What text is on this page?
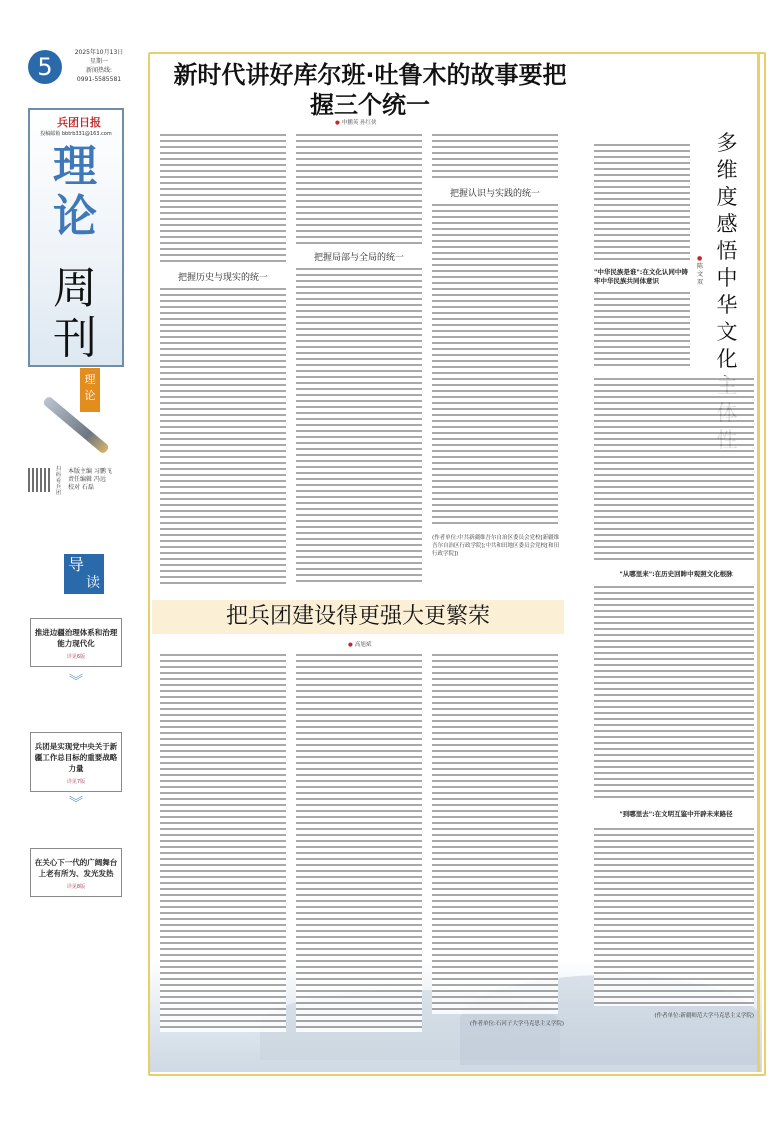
5
2025年10月13日
星期一
新闻热线:
0991-5585581
兵团日报
投稿邮箱 bbtrb331@163.com
理论
周刊
理论
扫码看兵团
本版主编 习鹏飞
责任编辑 冯远
校对 石磊
导
读
推进边疆治理体系和治理能力现代化
详见6版
︾
兵团是实现党中央关于新疆工作总目标的重要战略力量
详见7版
︾
在关心下一代的广阔舞台上老有所为、发光发热
详见8版
新时代讲好库尔班·吐鲁木的故事要把握三个统一
● 申鹏英 孙红侠
把握历史与现实的统一
把握局部与全局的统一
把握认识与实践的统一
(作者单位:中共新疆维吾尔自治区委员会党校[新疆维吾尔自治区行政学院];中共和田地区委员会党校[和田行政学院])
把兵团建设得更强大更繁荣
● 高旭斌
(作者单位:石河子大学马克思主义学院)
多维度感悟中华文化
● 陈文双
"中华民族是谁":在文化认同中铸牢中华民族共同体意识
"从哪里来":在历史回眸中观照文化根脉
"到哪里去":在文明互鉴中开辟未来路径
(作者单位:新疆师范大学马克思主义学院)
